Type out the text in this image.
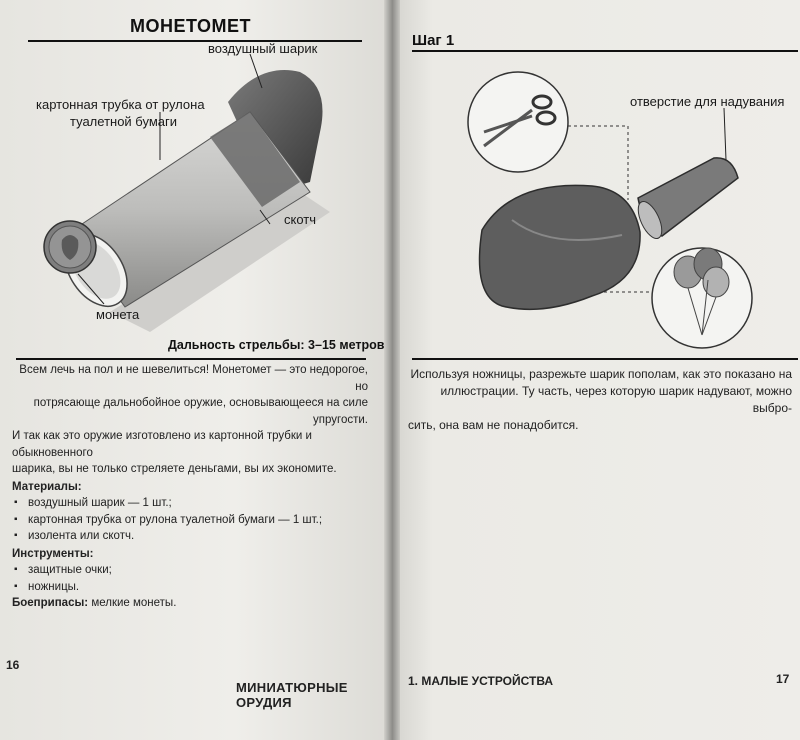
МОНЕТОМЕТ
воздушный шарик
картонная трубка от рулона
туалетной бумаги
скотч
монета
Дальность стрельбы: 3–15 метров

Всем лечь на пол и не шевелиться! Монетомет — это недорогое, но

потрясающе дальнобойное оружие, основывающееся на силе упругости.

И так как это оружие изготовлено из картонной трубки и обыкновенного

шарика, вы не только стреляете деньгами, вы их экономите.

Материалы:

▪ воздушный шарик — 1 шт.;
▪ картонная трубка от рулона туалетной бумаги — 1 шт.;
▪ изолента или скотч.

Инструменты:

▪ защитные очки;
▪ ножницы.

Боеприпасы: мелкие монеты.

16
МИНИАТЮРНЫЕ ОРУДИЯ
Шаг 1
отверстие для надувания
Используя ножницы, разрежьте шарик пополам, как это показано на
иллюстрации. Ту часть, через которую шарик надувают, можно выбро-
сить, она вам не понадобится.
1. МАЛЫЕ УСТРОЙСТВА	17
